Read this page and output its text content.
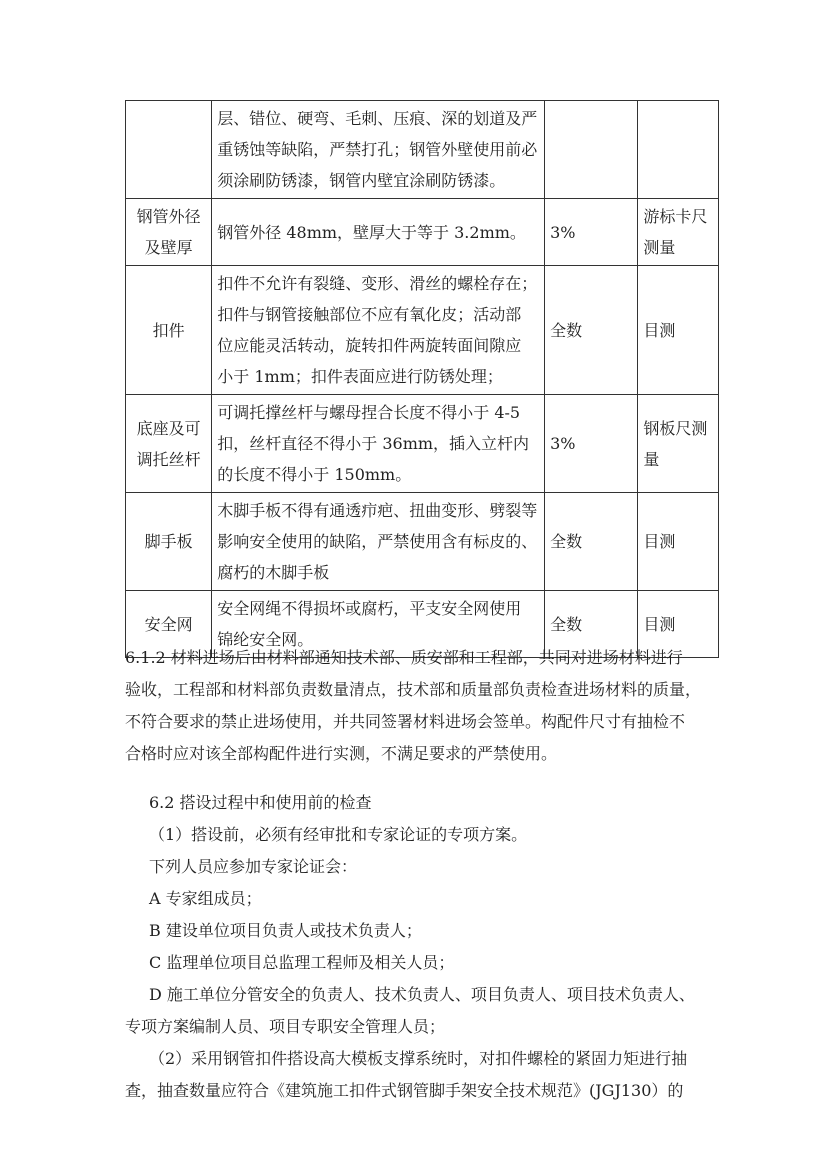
	层、错位、硬弯、毛刺、压痕、深的划道及严
重锈蚀等缺陷，严禁打孔；钢管外壁使用前必
须涂刷防锈漆，钢管内壁宜涂刷防锈漆。		

钢管外径
及壁厚	钢管外径 48mm，壁厚大于等于 3.2mm。	3%	游标卡尺
测量

扣件	扣件不允许有裂缝、变形、滑丝的螺栓存在；
扣件与钢管接触部位不应有氧化皮；活动部
位应能灵活转动，旋转扣件两旋转面间隙应
小于 1mm；扣件表面应进行防锈处理；	全数	目测

底座及可
调托丝杆	可调托撑丝杆与螺母捏合长度不得小于 4-5
扣，丝杆直径不得小于 36mm，插入立杆内
的长度不得小于 150mm。	3%	钢板尺测
量

脚手板	木脚手板不得有通透疖疤、扭曲变形、劈裂等
影响安全使用的缺陷，严禁使用含有标皮的、
腐朽的木脚手板	全数	目测

安全网	安全网绳不得损坏或腐朽，平支安全网使用
锦纶安全网。	全数	目测
6.1.2 材料进场后由材料部通知技术部、质安部和工程部，共同对进场材料进行
验收，工程部和材料部负责数量清点，技术部和质量部负责检查进场材料的质量，
不符合要求的禁止进场使用，并共同签署材料进场会签单。构配件尺寸有抽检不
合格时应对该全部构配件进行实测，不满足要求的严禁使用。
6.2 搭设过程中和使用前的检查
（1）搭设前，必须有经审批和专家论证的专项方案。
下列人员应参加专家论证会：
A 专家组成员；
B 建设单位项目负责人或技术负责人；
C 监理单位项目总监理工程师及相关人员；
D 施工单位分管安全的负责人、技术负责人、项目负责人、项目技术负责人、
专项方案编制人员、项目专职安全管理人员；
（2）采用钢管扣件搭设高大模板支撑系统时，对扣件螺栓的紧固力矩进行抽
查，抽查数量应符合《建筑施工扣件式钢管脚手架安全技术规范》(JGJ130）的
